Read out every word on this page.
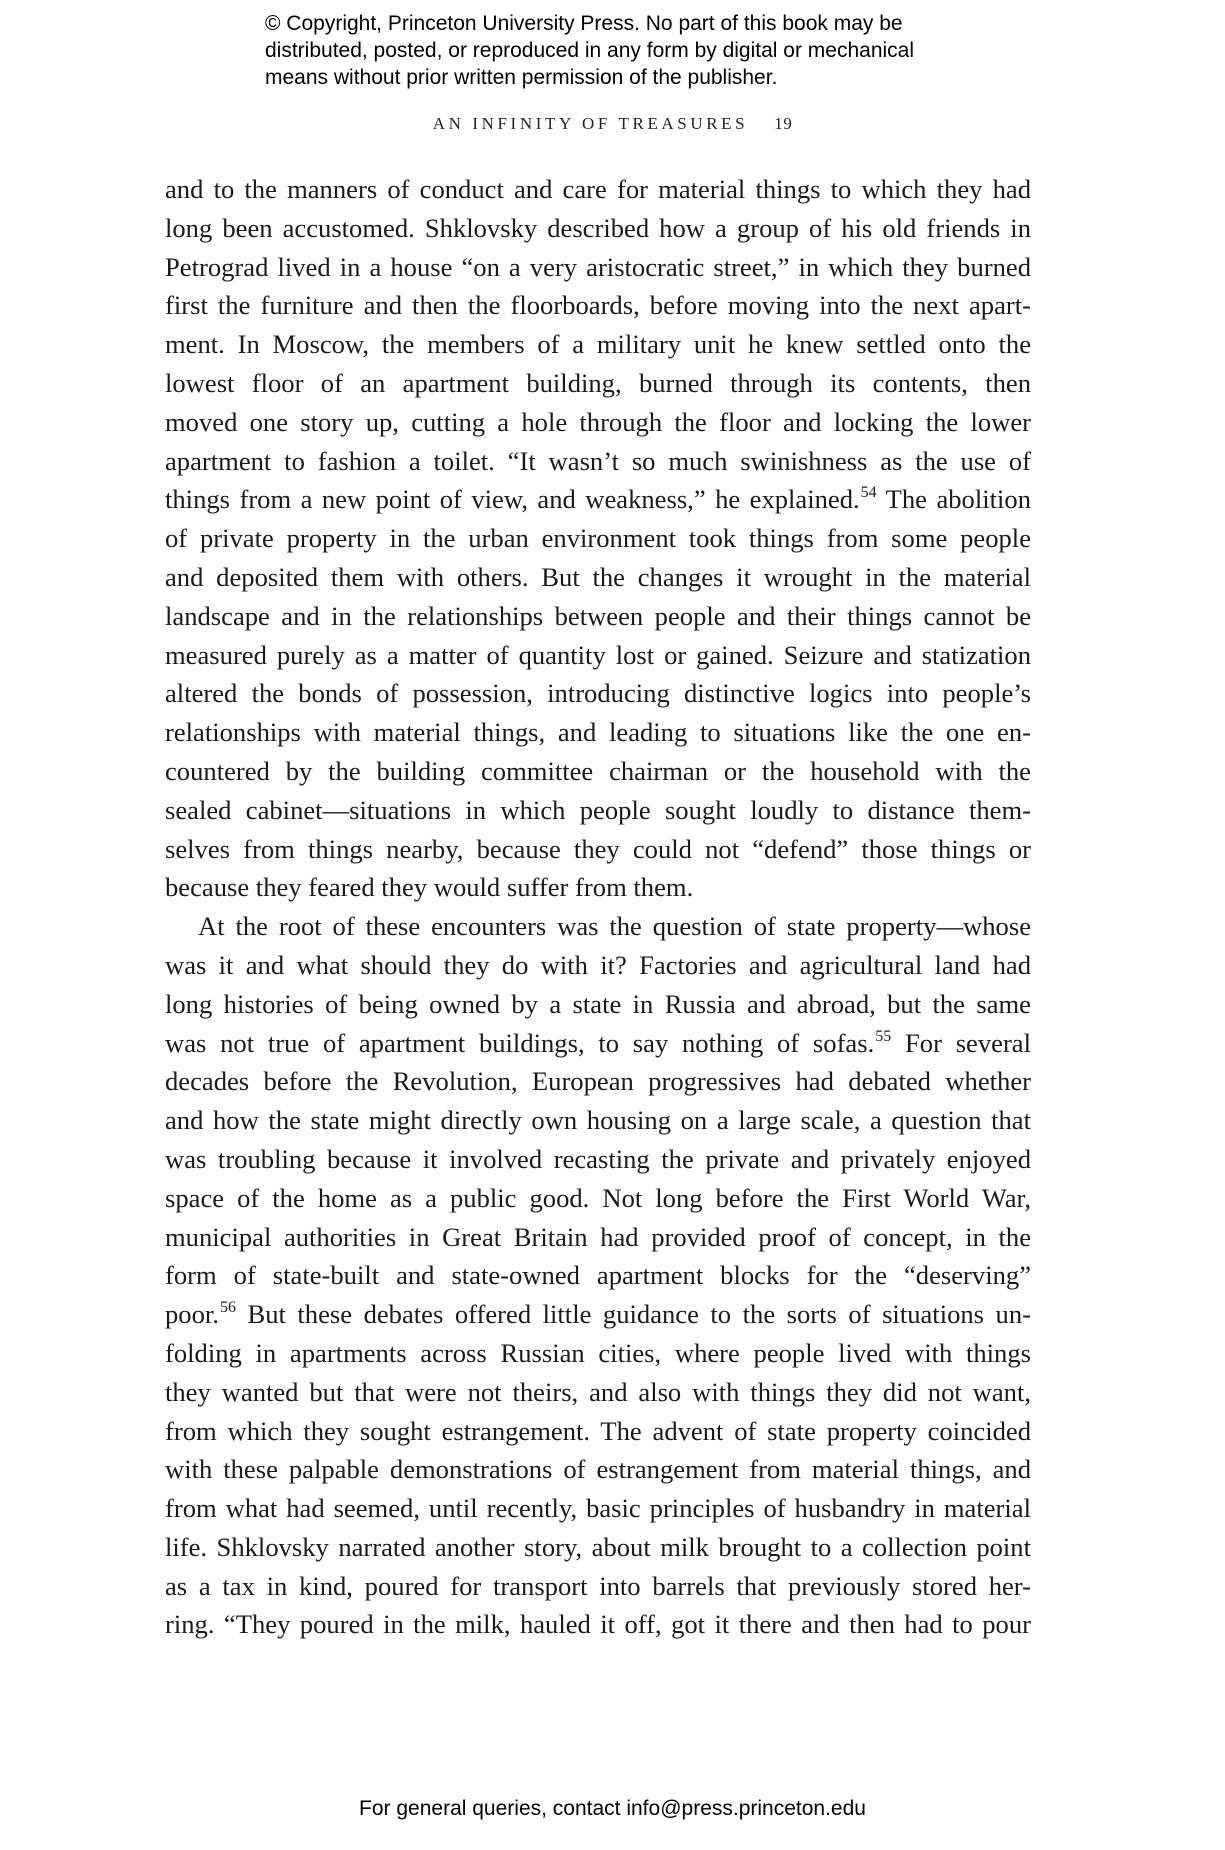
© Copyright, Princeton University Press. No part of this book may be
distributed, posted, or reproduced in any form by digital or mechanical
means without prior written permission of the publisher.
AN INFINITY OF TREASURES 19
and to the manners of conduct and care for material things to which they had
long been accustomed. Shklovsky described how a group of his old friends in
Petrograd lived in a house “on a very aristocratic street,” in which they burned
first the furniture and then the floorboards, before moving into the next apart-
ment. In Moscow, the members of a military unit he knew settled onto the
lowest floor of an apartment building, burned through its contents, then
moved one story up, cutting a hole through the floor and locking the lower
apartment to fashion a toilet. “It wasn’t so much swinishness as the use of
things from a new point of view, and weakness,” he explained.$^{54}$ The abolition
of private property in the urban environment took things from some people
and deposited them with others. But the changes it wrought in the material
landscape and in the relationships between people and their things cannot be
measured purely as a matter of quantity lost or gained. Seizure and statization
altered the bonds of possession, introducing distinctive logics into people’s
relationships with material things, and leading to situations like the one en-
countered by the building committee chairman or the household with the
sealed cabinet—situations in which people sought loudly to distance them-
selves from things nearby, because they could not “defend” those things or
because they feared they would suffer from them.
At the root of these encounters was the question of state property—whose
was it and what should they do with it? Factories and agricultural land had
long histories of being owned by a state in Russia and abroad, but the same
was not true of apartment buildings, to say nothing of sofas.$^{55}$ For several
decades before the Revolution, European progressives had debated whether
and how the state might directly own housing on a large scale, a question that
was troubling because it involved recasting the private and privately enjoyed
space of the home as a public good. Not long before the First World War,
municipal authorities in Great Britain had provided proof of concept, in the
form of state-built and state-owned apartment blocks for the “deserving”
poor.$^{56}$ But these debates offered little guidance to the sorts of situations un-
folding in apartments across Russian cities, where people lived with things
they wanted but that were not theirs, and also with things they did not want,
from which they sought estrangement. The advent of state property coincided
with these palpable demonstrations of estrangement from material things, and
from what had seemed, until recently, basic principles of husbandry in material
life. Shklovsky narrated another story, about milk brought to a collection point
as a tax in kind, poured for transport into barrels that previously stored her-
ring. “They poured in the milk, hauled it off, got it there and then had to pour
For general queries, contact info@press.princeton.edu
